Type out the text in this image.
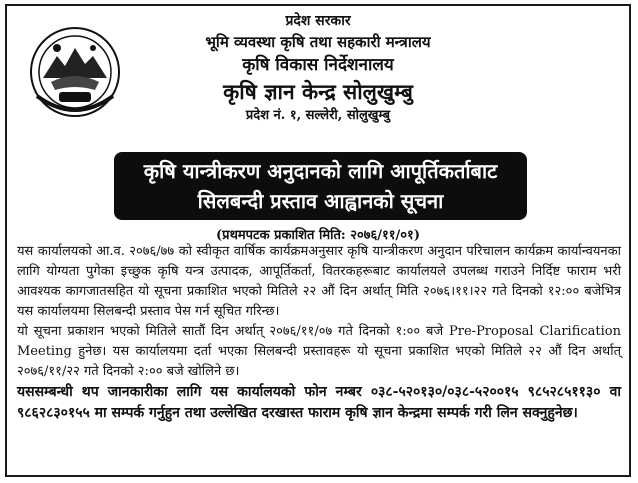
प्रदेश सरकार
भूमि व्यवस्था कृषि तथा सहकारी मन्त्रालय
कृषि विकास निर्देशनालय
कृषि ज्ञान केन्द्र सोलुखुम्बु
प्रदेश नं. १, सल्लेरी, सोलुखुम्बु
कृषि यान्त्रीकरण अनुदानको लागि आपूर्तिकर्ताबाट
सिलबन्दी प्रस्ताव आह्वानको सूचना
(प्रथमपटक प्रकाशित मिति: २०७६/११/०१)

यस कार्यालयको आ.व. २०७६/७७ को स्वीकृत वार्षिक कार्यक्रमअनुसार कृषि यान्त्रीकरण अनुदान परिचालन कार्यक्रम कार्यान्वयनका लागि योग्यता पुगेका इच्छुक कृषि यन्त्र उत्पादक, आपूर्तिकर्ता, वितरकहरूबाट कार्यालयले उपलब्ध गराउने निर्दिष्ट फाराम भरी आवश्यक कागजातसहित यो सूचना प्रकाशित भएको मितिले २२ औं दिन अर्थात् मिति २०७६।११।२२ गते दिनको १२:०० बजेभित्र यस कार्यालयमा सिलबन्दी प्रस्ताव पेस गर्न सूचित गरिन्छ।

यो सूचना प्रकाशन भएको मितिले सातौं दिन अर्थात् २०७६/११/०७ गते दिनको १:०० बजे Pre-Proposal Clarification Meeting हुनेछ। यस कार्यालयमा दर्ता भएका सिलबन्दी प्रस्तावहरू यो सूचना प्रकाशित भएको मितिले २२ औं दिन अर्थात् २०७६/११/२२ गते दिनको २:०० बजे खोलिने छ।

यससम्बन्धी थप जानकारीका लागि यस कार्यालयको फोन नम्बर ०३८-५२०१३०/०३८-५२००१५ ९८५२८५११३० वा ९८६२८३०१५५ मा सम्पर्क गर्नुहुन तथा उल्लेखित दरखास्त फाराम कृषि ज्ञान केन्द्रमा सम्पर्क गरी लिन सक्नुहुनेछ।
